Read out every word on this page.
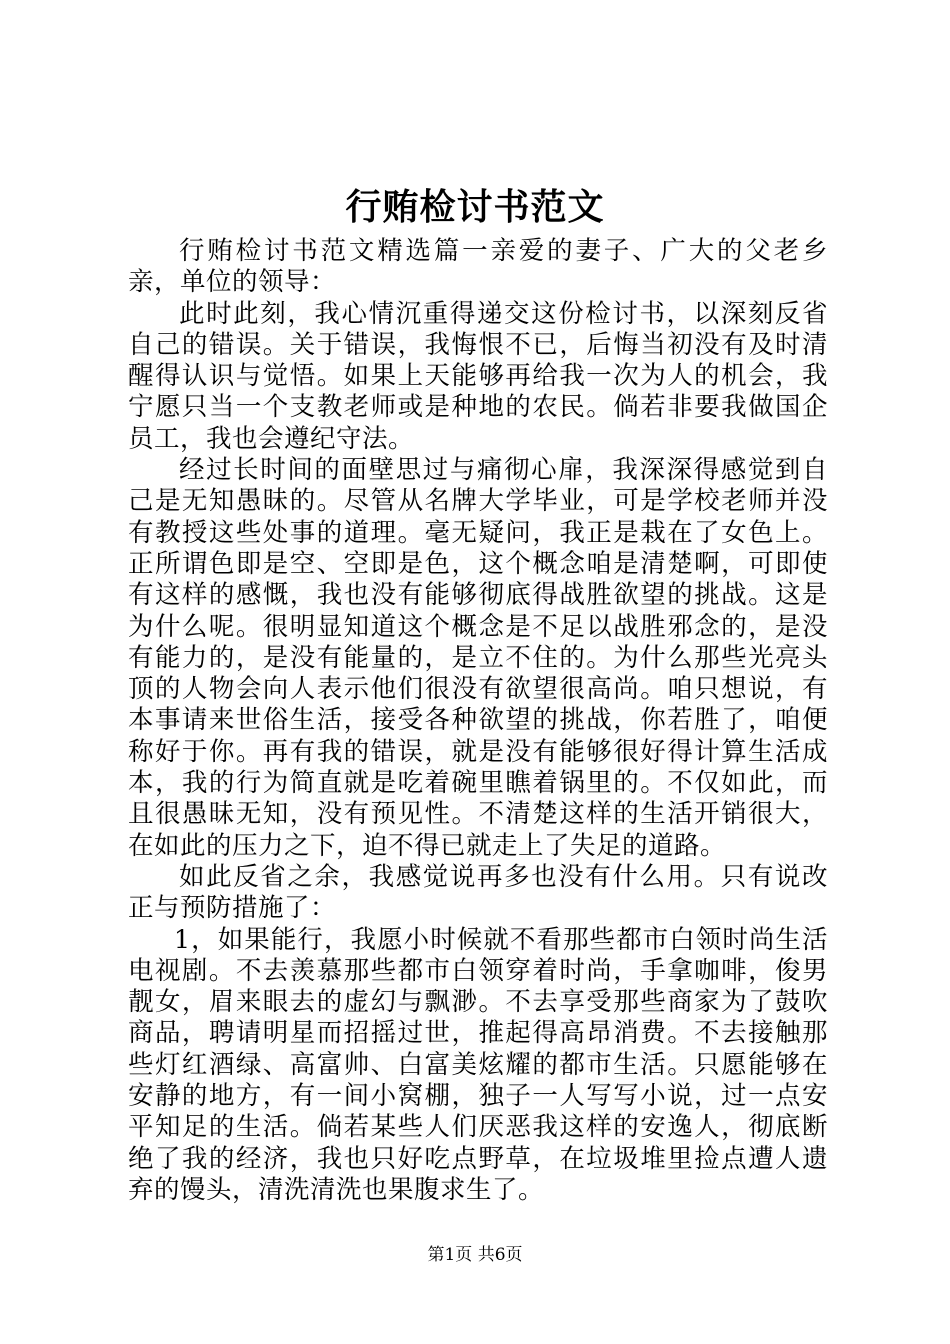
行贿检讨书范文

行贿检讨书范文精选篇一亲爱的妻子、广大的父老乡亲，单位的领导：

此时此刻，我心情沉重得递交这份检讨书，以深刻反省自己的错误。关于错误，我悔恨不已，后悔当初没有及时清醒得认识与觉悟。如果上天能够再给我一次为人的机会，我宁愿只当一个支教老师或是种地的农民。倘若非要我做国企员工，我也会遵纪守法。

经过长时间的面壁思过与痛彻心扉，我深深得感觉到自己是无知愚昧的。尽管从名牌大学毕业，可是学校老师并没有教授这些处事的道理。毫无疑问，我正是栽在了女色上。正所谓色即是空、空即是色，这个概念咱是清楚啊，可即使有这样的感慨，我也没有能够彻底得战胜欲望的挑战。这是为什么呢。很明显知道这个概念是不足以战胜邪念的，是没有能力的，是没有能量的，是立不住的。为什么那些光亮头顶的人物会向人表示他们很没有欲望很高尚。咱只想说，有本事请来世俗生活，接受各种欲望的挑战，你若胜了，咱便称好于你。再有我的错误，就是没有能够很好得计算生活成本，我的行为简直就是吃着碗里瞧着锅里的。不仅如此，而且很愚昧无知，没有预见性。不清楚这样的生活开销很大，在如此的压力之下，迫不得已就走上了失足的道路。

如此反省之余，我感觉说再多也没有什么用。只有说改正与预防措施了：

1，如果能行，我愿小时候就不看那些都市白领时尚生活电视剧。不去羡慕那些都市白领穿着时尚，手拿咖啡，俊男靓女，眉来眼去的虚幻与飘渺。不去享受那些商家为了鼓吹商品，聘请明星而招摇过世，推起得高昂消费。不去接触那些灯红酒绿、高富帅、白富美炫耀的都市生活。只愿能够在安静的地方，有一间小窝棚，独子一人写写小说，过一点安平知足的生活。倘若某些人们厌恶我这样的安逸人，彻底断绝了我的经济，我也只好吃点野草，在垃圾堆里捡点遭人遗弃的馒头，清洗清洗也果腹求生了。

第1页 共6页
